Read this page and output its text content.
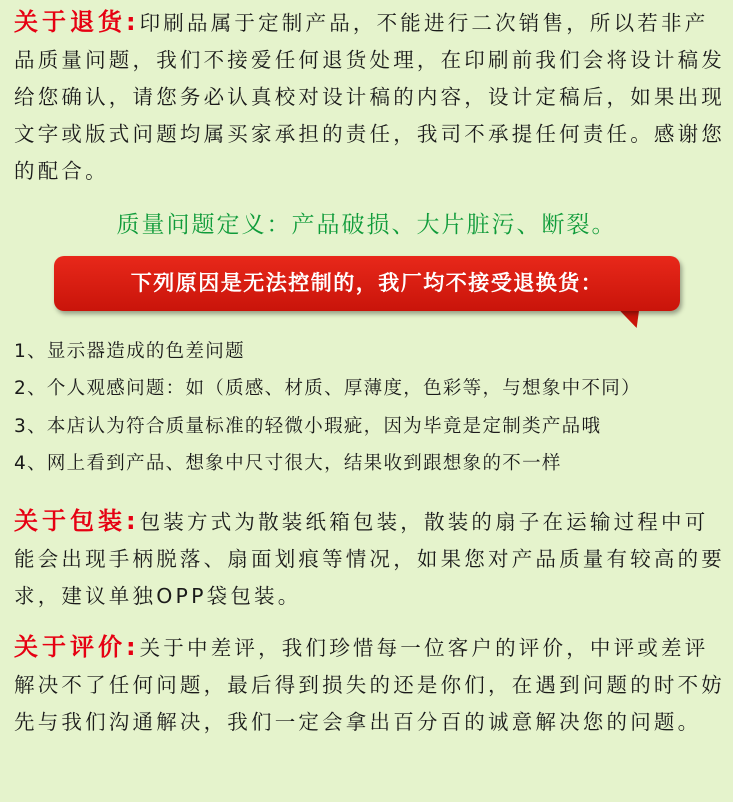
关于退货:印刷品属于定制产品，不能进行二次销售，所以若非产品质量问题，我们不接爱任何退货处理，在印刷前我们会将设计稿发给您确认，请您务必认真校对设计稿的内容，设计定稿后，如果出现文字或版式问题均属买家承担的责任，我司不承提任何责任。感谢您的配合。
质量问题定义：产品破损、大片脏污、断裂。
下列原因是无法控制的，我厂均不接受退换货：
1、显示器造成的色差问题
2、个人观感问题：如（质感、材质、厚薄度，色彩等，与想象中不同）
3、本店认为符合质量标准的轻微小瑕疵，因为毕竟是定制类产品哦
4、网上看到产品、想象中尺寸很大，结果收到跟想象的不一样
关于包装:包装方式为散装纸箱包装，散装的扇子在运输过程中可能会出现手柄脱落、扇面划痕等情况，如果您对产品质量有较高的要求，建议单独OPP袋包装。
关于评价:关于中差评，我们珍惜每一位客户的评价，中评或差评解决不了任何问题，最后得到损失的还是你们，在遇到问题的时不妨先与我们沟通解决，我们一定会拿出百分百的诚意解决您的问题。
